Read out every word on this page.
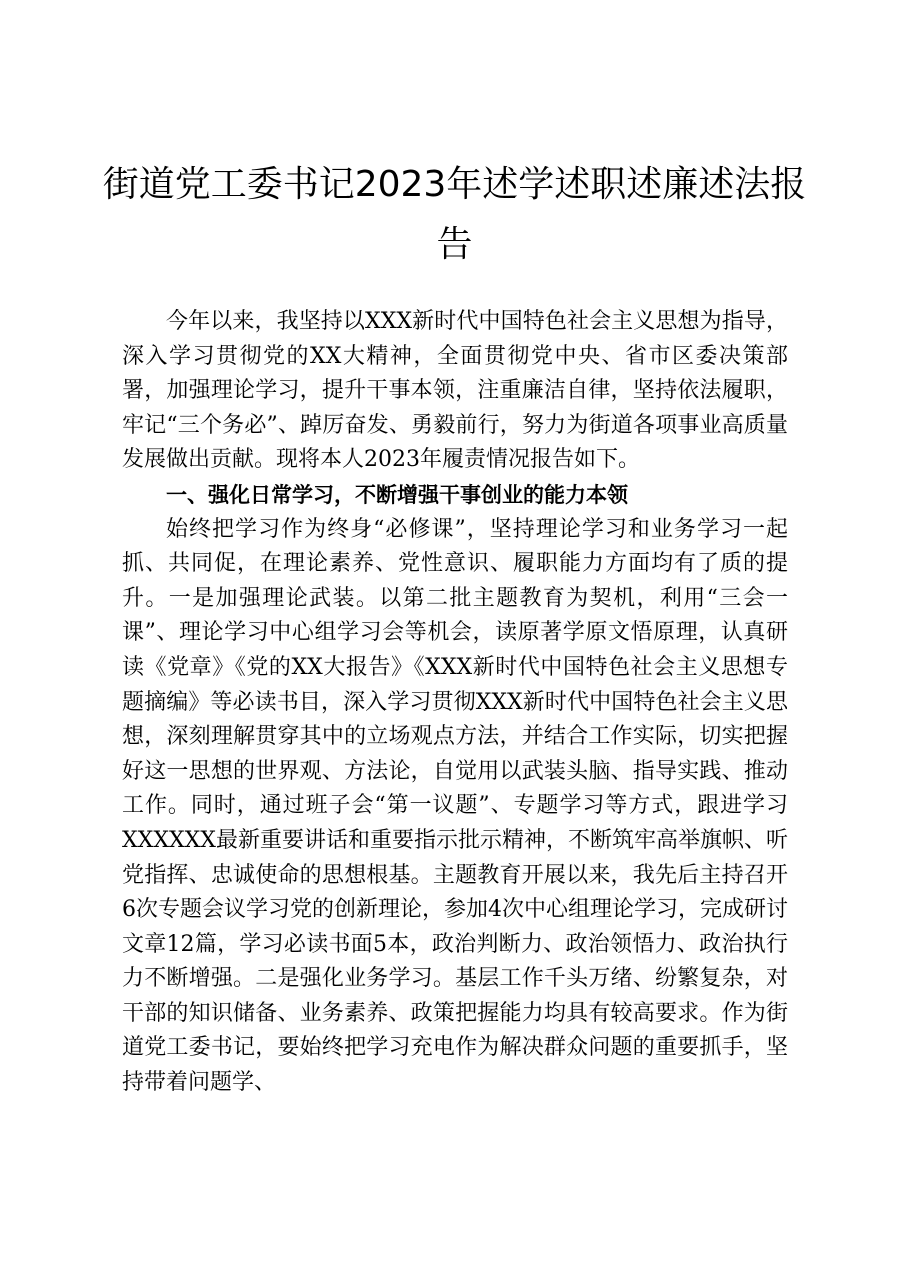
街道党工委书记2023年述学述职述廉述法报告

今年以来，我坚持以XXX新时代中国特色社会主义思想为指导，深入学习贯彻党的XX大精神，全面贯彻党中央、省市区委决策部署，加强理论学习，提升干事本领，注重廉洁自律，坚持依法履职，牢记“三个务必”、踔厉奋发、勇毅前行，努力为街道各项事业高质量发展做出贡献。现将本人2023年履责情况报告如下。

一、强化日常学习，不断增强干事创业的能力本领

始终把学习作为终身“必修课”，坚持理论学习和业务学习一起抓、共同促，在理论素养、党性意识、履职能力方面均有了质的提升。一是加强理论武装。以第二批主题教育为契机，利用“三会一课”、理论学习中心组学习会等机会，读原著学原文悟原理，认真研读《党章》《党的XX大报告》《XXX新时代中国特色社会主义思想专题摘编》等必读书目，深入学习贯彻XXX新时代中国特色社会主义思想，深刻理解贯穿其中的立场观点方法，并结合工作实际，切实把握好这一思想的世界观、方法论，自觉用以武装头脑、指导实践、推动工作。同时，通过班子会“第一议题”、专题学习等方式，跟进学习XXXXXX最新重要讲话和重要指示批示精神，不断筑牢高举旗帜、听党指挥、忠诚使命的思想根基。主题教育开展以来，我先后主持召开6次专题会议学习党的创新理论，参加4次中心组理论学习，完成研讨文章12篇，学习必读书面5本，政治判断力、政治领悟力、政治执行力不断增强。二是强化业务学习。基层工作千头万绪、纷繁复杂，对干部的知识储备、业务素养、政策把握能力均具有较高要求。作为街道党工委书记，要始终把学习充电作为解决群众问题的重要抓手，坚持带着问题学、
